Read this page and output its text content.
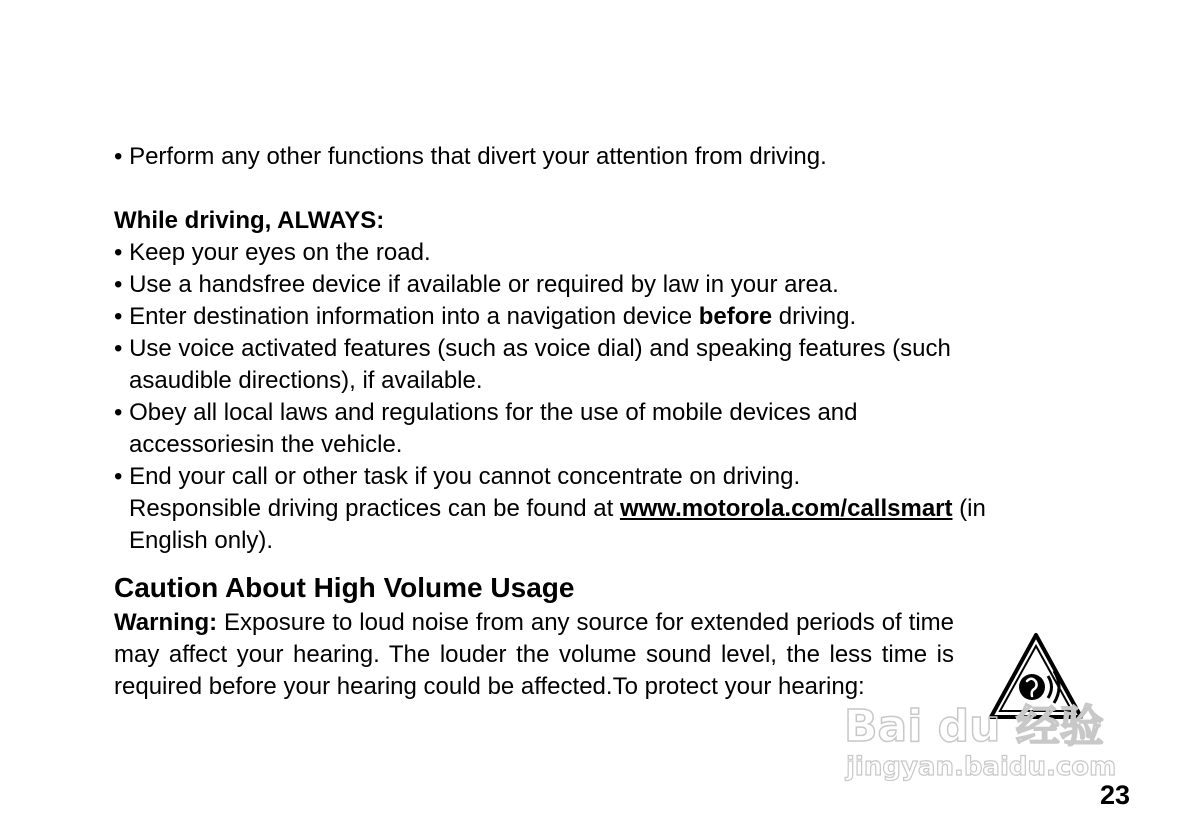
• Perform any other functions that divert your attention from driving.
While driving, ALWAYS:
• Keep your eyes on the road.
• Use a handsfree device if available or required by law in your area.
• Enter destination information into a navigation device before driving.
• Use voice activated features (such as voice dial) and speaking features (such
asaudible directions), if available.
• Obey all local laws and regulations for the use of mobile devices and
accessoriesin the vehicle.
• End your call or other task if you cannot concentrate on driving.
Responsible driving practices can be found at www.motorola.com/callsmart (in
English only).
Caution About High Volume Usage
Warning: Exposure to loud noise from any source for extended periods of time may affect your hearing. The louder the volume sound level, the less time is required before your hearing could be affected.To protect your hearing:
Bai du 经验
jingyan.baidu.com
23
